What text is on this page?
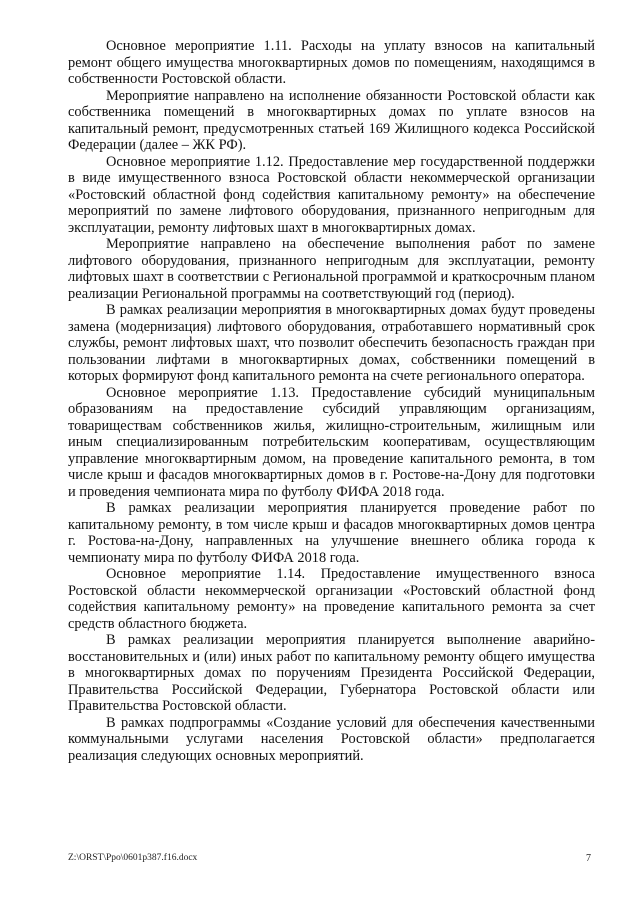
Основное мероприятие 1.11. Расходы на уплату взносов на капитальный ремонт общего имущества многоквартирных домов по помещениям, находящимся в собственности Ростовской области.

Мероприятие направлено на исполнение обязанности Ростовской области как собственника помещений в многоквартирных домах по уплате взносов на капитальный ремонт, предусмотренных статьей 169 Жилищного кодекса Российской Федерации (далее – ЖК РФ).

Основное мероприятие 1.12. Предоставление мер государственной поддержки в виде имущественного взноса Ростовской области некоммерческой организации «Ростовский областной фонд содействия капитальному ремонту» на обеспечение мероприятий по замене лифтового оборудования, признанного непригодным для эксплуатации, ремонту лифтовых шахт в многоквартирных домах.

Мероприятие направлено на обеспечение выполнения работ по замене лифтового оборудования, признанного непригодным для эксплуатации, ремонту лифтовых шахт в соответствии с Региональной программой и краткосрочным планом реализации Региональной программы на соответствующий год (период).

В рамках реализации мероприятия в многоквартирных домах будут проведены замена (модернизация) лифтового оборудования, отработавшего нормативный срок службы, ремонт лифтовых шахт, что позволит обеспечить безопасность граждан при пользовании лифтами в многоквартирных домах, собственники помещений в которых формируют фонд капитального ремонта на счете регионального оператора.

Основное мероприятие 1.13. Предоставление субсидий муниципальным образованиям на предоставление субсидий управляющим организациям, товариществам собственников жилья, жилищно-строительным, жилищным или иным специализированным потребительским кооперативам, осуществляющим управление многоквартирным домом, на проведение капитального ремонта, в том числе крыш и фасадов многоквартирных домов в г. Ростове-на-Дону для подготовки и проведения чемпионата мира по футболу ФИФА 2018 года.

В рамках реализации мероприятия планируется проведение работ по капитальному ремонту, в том числе крыш и фасадов многоквартирных домов центра г. Ростова-на-Дону, направленных на улучшение внешнего облика города к чемпионату мира по футболу ФИФА 2018 года.

Основное мероприятие 1.14. Предоставление имущественного взноса Ростовской области некоммерческой организации «Ростовский областной фонд содействия капитальному ремонту» на проведение капитального ремонта за счет средств областного бюджета.

В рамках реализации мероприятия планируется выполнение аварийно-восстановительных и (или) иных работ по капитальному ремонту общего имущества в многоквартирных домах по поручениям Президента Российской Федерации, Правительства Российской Федерации, Губернатора Ростовской области или Правительства Ростовской области.

В рамках подпрограммы «Создание условий для обеспечения качественными коммунальными услугами населения Ростовской области» предполагается реализация следующих основных мероприятий.

Z:\ORST\Ppo\0601p387.f16.docx	7
